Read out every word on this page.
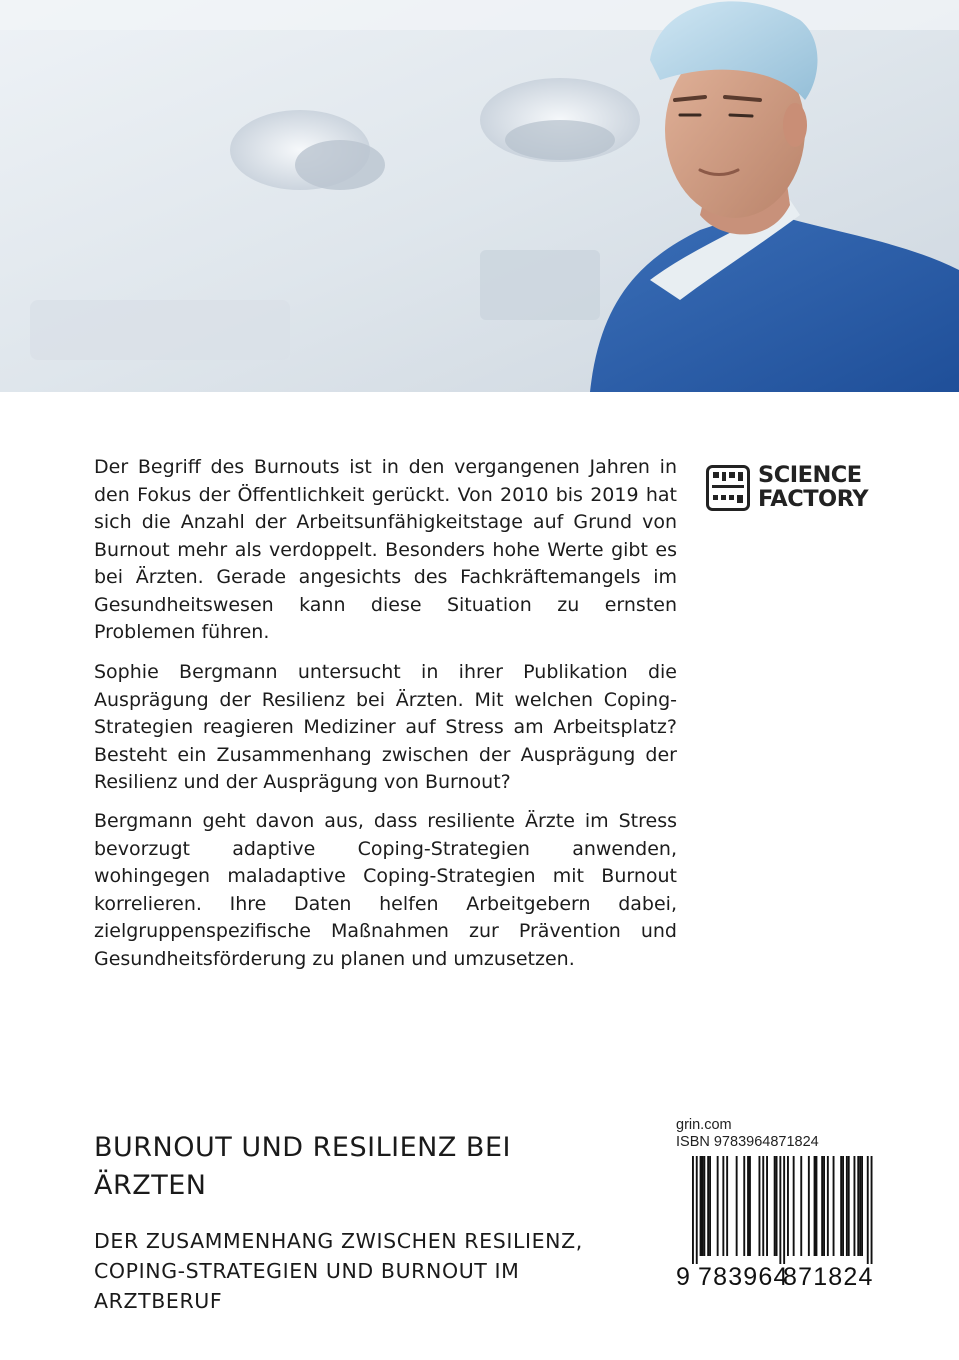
Der Begriff des Burnouts ist in den vergangenen Jahren in den Fokus der Öffentlichkeit gerückt. Von 2010 bis 2019 hat sich die Anzahl der Arbeitsunfähigkeitstage auf Grund von Burnout mehr als verdoppelt. Besonders hohe Werte gibt es bei Ärzten. Gerade angesichts des Fachkräftemangels im Gesundheitswesen kann diese Situation zu ernsten Problemen führen.

Sophie Bergmann untersucht in ihrer Publikation die Ausprägung der Resilienz bei Ärzten. Mit welchen Coping-Strategien reagieren Mediziner auf Stress am Arbeitsplatz? Besteht ein Zusammenhang zwischen der Ausprägung der Resilienz und der Ausprägung von Burnout?

Bergmann geht davon aus, dass resiliente Ärzte im Stress bevorzugt adaptive Coping-Strategien anwenden, wohingegen maladaptive Coping-Strategien mit Burnout korrelieren. Ihre Daten helfen Arbeitgebern dabei, zielgruppenspezifische Maßnahmen zur Prävention und Gesundheitsförderung zu planen und umzusetzen.

SCIENCE
FACTORY
BURNOUT UND RESILIENZ BEI ÄRZTEN
DER ZUSAMMENHANG ZWISCHEN RESILIENZ, COPING-STRATEGIEN UND BURNOUT IM ARZTBERUF
grin.com
ISBN 9783964871824
9 783964
871824
